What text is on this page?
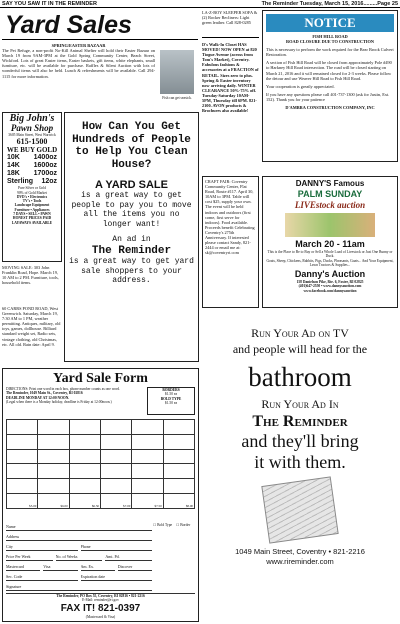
SAY YOU SAW IT IN THE REMINDER	The Reminder Tuesday, March 15, 2016.........Page 25
Yard Sales
SPRING/EASTER BAZAAR
The Pet Refuge, a non-profit No-Kill Animal Shelter will hold their Easter Bazaar on March 19 from 9AM-3PM at the Gold Spring Community Center, Beach Street, Wickford. Lots of great Easter items, Easter baskets, gift items, white elephants, small furniture, etc. will be available for purchase. Raffles & Silent Auction with lots of wonderful items will also be held. Lunch & refreshments will be available. Call 294-1115 for more information.
Fish can get seasick.
Big John's
Pawn Shop
3605 Main Street, West Warwick
615-1500
WE BUY GOLD
10K 1400oz
14K 1600oz
18K 1700oz
Sterling 12oz
Pure Silver or Gold
90% of Gold Market
DVD's • Electronics
TV's • Tools
Landscape Equipment
Furniture • Appliances
7 DAYS • SELL • PAWN
HONEST PRICES PAID
LAYAWAYS AVAILABLE
How Can You Get Hundreds of People to Help You Clean House?
A YARD SALE
is a great way to get people to pay you to move all the items you no longer want!
An ad in
The Reminder
is a great way to get yard sale shoppers to your address.
MOVING SALE: 303 John Franklin Road, Hope. March 19, 10 AM to 2 PM. Furniture, tools, household items.
60 CARRS POND ROAD, West Greenwich. Saturday, March 19, 7:30 AM to 1 PM, weather permitting. Antiques, military, old toys, games, dollhouse. Billiard standard weight set, Radio sets, vintage clothing, old Christmas, etc. All old. Rain date: April 9.
LA-Z-BOY SLEEPER SOFA & (2) Rocker Recliners: Light green leather. Call 828-0285
D's Walk-In Closet HAS MOVED! NOW OPEN at 820 Tiogue Avenue (across from Tom's Market), Coventry. Fabulous fashions & accessories at a FRACTION of RETAIL. Sizes zero to plus. Spring & Easter inventory now arriving daily. WINTER CLEARANCE 50%-75% off. Tuesday-Saturday 10AM-5PM, Thursday till 6PM. 821-2100. AVON products & Brochures also available!
NOTICE
FISH HILL ROAD
ROAD CLOSURE DUE TO CONSTRUCTION
This is necessary to perform the work required for the Bear Brook Culvert Restoration.
A section of Fish Hill Road will be closed from approximately Pole #490 to Harkney Hill Road intersection. The road will be closed starting on March 21, 2016 and it will remained closed for 2-3 weeks. Please follow the detour and use Weaver Hill Road to Fish Hill Road.
Your cooperation is greatly appreciated.
If you have any questions please call 401-737-1300 (ask for Justin, Ext. 152). Thank you for your patience
D'AMBRA CONSTRUCTION COMPANY, INC
CRAFT FAIR: Coventry Community Center, Flat Road, Route #117. April 30, 10AM to 3PM. Table will cost $25, supply your own. The event will be held indoors and outdoors (first come, first serve for indoors). Food available. Proceeds benefit Celebrating Coventry's 275th Anniversary. If interested please contact Sandy, 821-2444 or email me at: sk@coventryri.com
DANNY'S Famous
PALM SUNDAY
LIVEstock auction
March 20 - 11am
This is the Place to Be to Buy or Sell a Whole Load of Livestock or Just One Bunny or Duck.
Goats, Sheep, Chickens, Rabbits, Pigs, Ducks, Pheasants, Goats... And Your Equipment, Lawn Tractors & Supplies...
Danny's Auction
158 Danielson Pike, Rte. 6, Foster, RI 02825
(401)647-2550 • www.dannysauction.com
www.facebook.com/dannysauction
Run Your Ad on TV
and people will head for the
bathroom
Run Your Ad In
The Reminder
and they'll bring
it with them.
1049 Main Street, Coventry • 821-2216
www.rireminder.com
Yard Sale Form
DIRECTIONS: Print one word in each box, phone number counts as one word.
The Reminder, 1049 Main St., Coventry, RI 02816
DEADLINE MONDAY AT 12:00 NOON.
(Legal when there is a Monday holiday, deadline is Friday at 12:00noon.)
BORDERS
$1.50 ea
BOLD TYPE
$1.50 ea
$5.00	$6.00	$6.50	$7.00	$7.50	$8.00
☐ Bold Type ☐ Border
Name
Address
City	Phone
Price Per Week	No. of Weeks	Amt. Pd.
Mastercard	Visa	Am. Ex.	Discover
Sec. Code	Expiration date
Signature
The Reminder, PO Box 55, Coventry, RI 02816 • 821-2216
E-Mail: reminder@ri.gov
FAX IT! 821-0397
(Mastercard & Visa)
